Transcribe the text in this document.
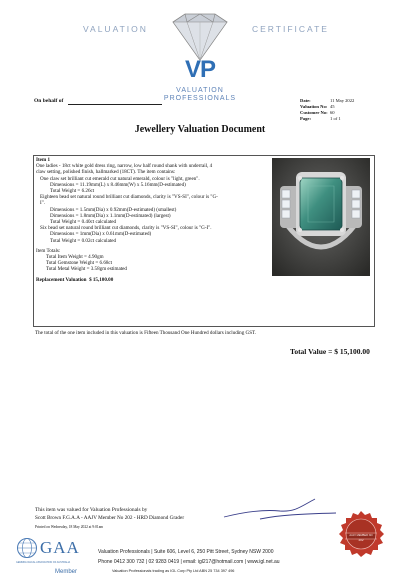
VALUATION	CERTIFICATE
VP
VALUATION
PROFESSIONALS
On behalf of	Date:	11 May 2022
Valuation No: 45
Customer No: 60
Page:	1 of 1
Jewellery Valuation Document
Item 1
One ladies - 18ct white gold dress ring, narrow, low half round shank with underrail, 4
claw setting, polished finish, hallmarked (18CT). The item contains:
One claw set brilliant cut emerald cut natural emerald, colour is "light, green".
Dimensions = 11.19mm(L) x 8.46mm(W) x 5.16mm(D-estimated)
Total Weight = 6.26ct
Eighteen bead set natural round brilliant cut diamonds, clarity is "VS-SI", colour is "G-
I".
Dimensions = 1.5mm(Dia) x 0.92mm(D-estimated) (smallest)
Dimensions = 1.8mm(Dia) x 1.1mm(D-estimated) (largest)
Total Weight = 0.40ct calculated
Six bead set natural round brilliant cut diamonds, clarity is "VS-SI", colour is "G-I".
Dimensions = 1mm(Dia) x 0.61mm(D-estimated)
Total Weight = 0.02ct calculated
Item Totals:
Total Item Weight = 4.90gm
Total Gemstone Weight = 6.68ct
Total Metal Weight = 3.58gm estimated
Replacement Valuation $ 15,100.00
The total of the one item included in this valuation is Fifteen Thousand One Hundred dollars including GST.
Total Value = $ 15,100.00
This item was valued for Valuation Professionals by
Scott Brown F.G.A.A - AAJV Member No 202 - HRD Diamond Grader
Printed on Wednesday, 18 May 2022 at 9:01am
AAJV MEMBER NO
202
GAA
GEMMOLOGICAL ASSOCIATION OF AUSTRALIA
Member
Valuation Professionals | Suite 606, Level 6, 250 Pitt Street, Sydney NSW 2000
Phone 0412 300 732 | 02 9283 0419 | email: igl217@hotmail.com | www.igl.net.au
Valuation Professionals trading as IGL Corp Pty Ltd ABN 25 734 397 496
